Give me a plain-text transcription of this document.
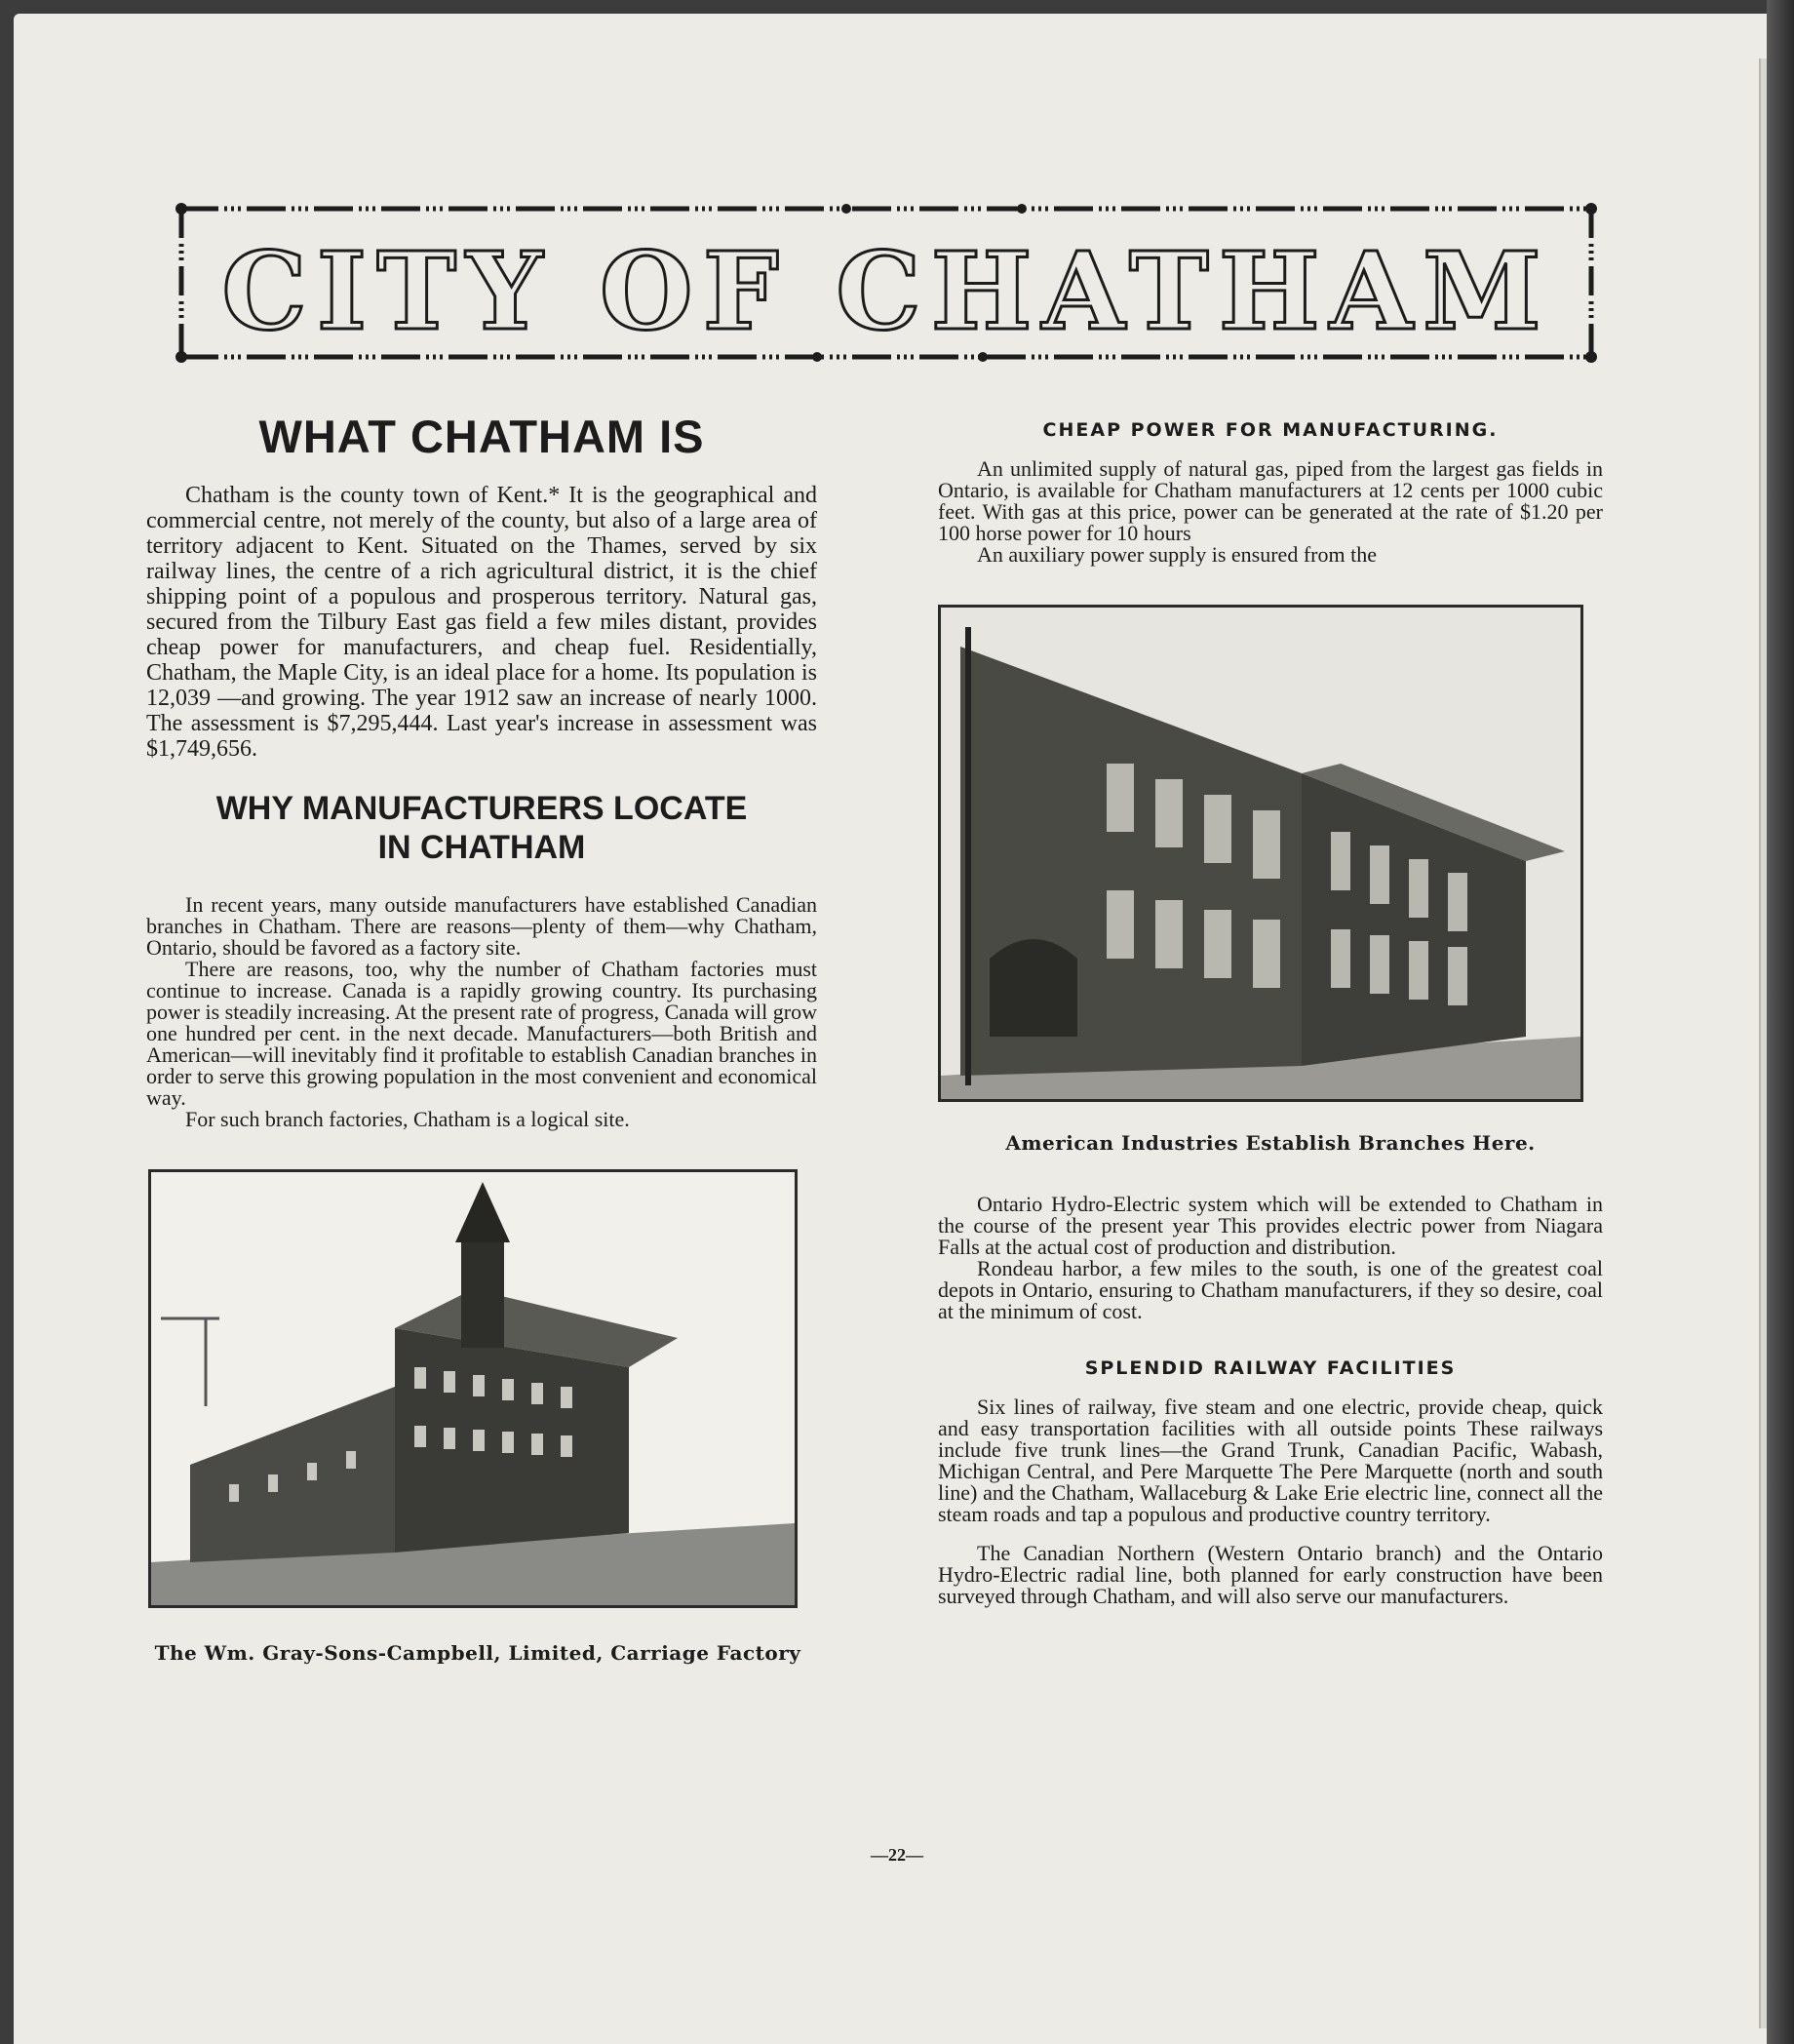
CITY OF CHATHAM
WHAT CHATHAM IS

Chatham is the county town of Kent.* It is the geographical and commercial centre, not merely of the county, but also of a large area of territory adjacent to Kent. Situated on the Thames, served by six railway lines, the centre of a rich agricultural district, it is the chief shipping point of a populous and prosperous territory. Natural gas, secured from the Tilbury East gas field a few miles distant, provides cheap power for manufacturers, and cheap fuel. Residentially, Chatham, the Maple City, is an ideal place for a home. Its population is 12,039 —and growing. The year 1912 saw an increase of nearly 1000. The assessment is $7,295,444. Last year's increase in assessment was $1,749,656.

WHY MANUFACTURERS LOCATE
IN CHATHAM

In recent years, many outside manufacturers have established Canadian branches in Chatham. There are reasons—plenty of them—why Chatham, Ontario, should be favored as a factory site.

There are reasons, too, why the number of Chatham factories must continue to increase. Canada is a rapidly growing country. Its purchasing power is steadily increasing. At the present rate of progress, Canada will grow one hundred per cent. in the next decade. Manufacturers—both British and American—will inevitably find it profitable to establish Canadian branches in order to serve this growing population in the most convenient and economical way.

For such branch factories, Chatham is a logical site.

The Wm. Gray-Sons-Campbell, Limited, Carriage Factory
CHEAP POWER FOR MANUFACTURING.

An unlimited supply of natural gas, piped from the largest gas fields in Ontario, is available for Chatham manufacturers at 12 cents per 1000 cubic feet. With gas at this price, power can be generated at the rate of $1.20 per 100 horse power for 10 hours

An auxiliary power supply is ensured from the

American Industries Establish Branches Here.

Ontario Hydro-Electric system which will be extended to Chatham in the course of the present year This provides electric power from Niagara Falls at the actual cost of production and distribution.

Rondeau harbor, a few miles to the south, is one of the greatest coal depots in Ontario, ensuring to Chatham manufacturers, if they so desire, coal at the minimum of cost.

SPLENDID RAILWAY FACILITIES

Six lines of railway, five steam and one electric, provide cheap, quick and easy transportation facilities with all outside points These railways include five trunk lines—the Grand Trunk, Canadian Pacific, Wabash, Michigan Central, and Pere Marquette The Pere Marquette (north and south line) and the Chatham, Wallaceburg & Lake Erie electric line, connect all the steam roads and tap a populous and productive country territory.

The Canadian Northern (Western Ontario branch) and the Ontario Hydro-Electric radial line, both planned for early construction have been surveyed through Chatham, and will also serve our manufacturers.

—22—
